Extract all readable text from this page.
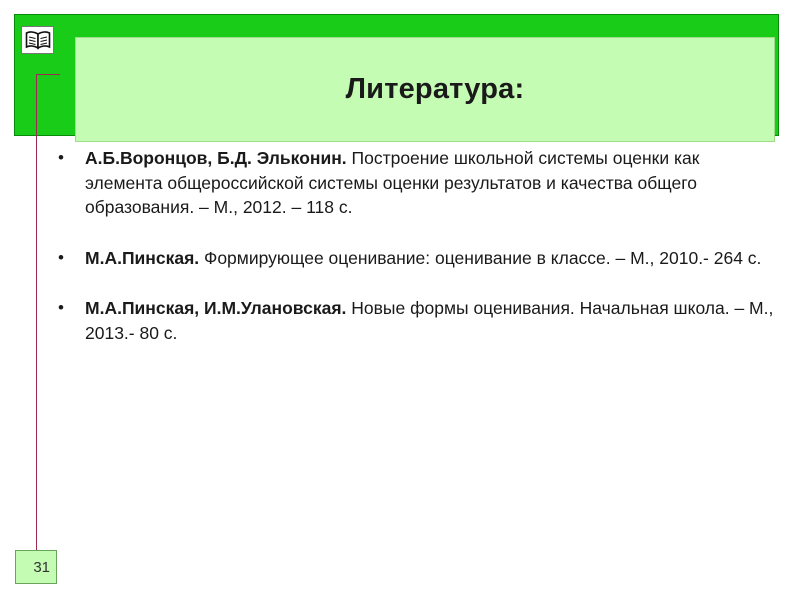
Литература:
• А.Б.Воронцов, Б.Д. Эльконин. Построение школьной системы оценки как элемента общероссийской системы оценки результатов и качества общего образования. – М., 2012. – 118 с.
• М.А.Пинская. Формирующее оценивание: оценивание в классе. – М., 2010.- 264 с.
• М.А.Пинская, И.М.Улановская. Новые формы оценивания. Начальная школа. – М., 2013.- 80 с.
31
